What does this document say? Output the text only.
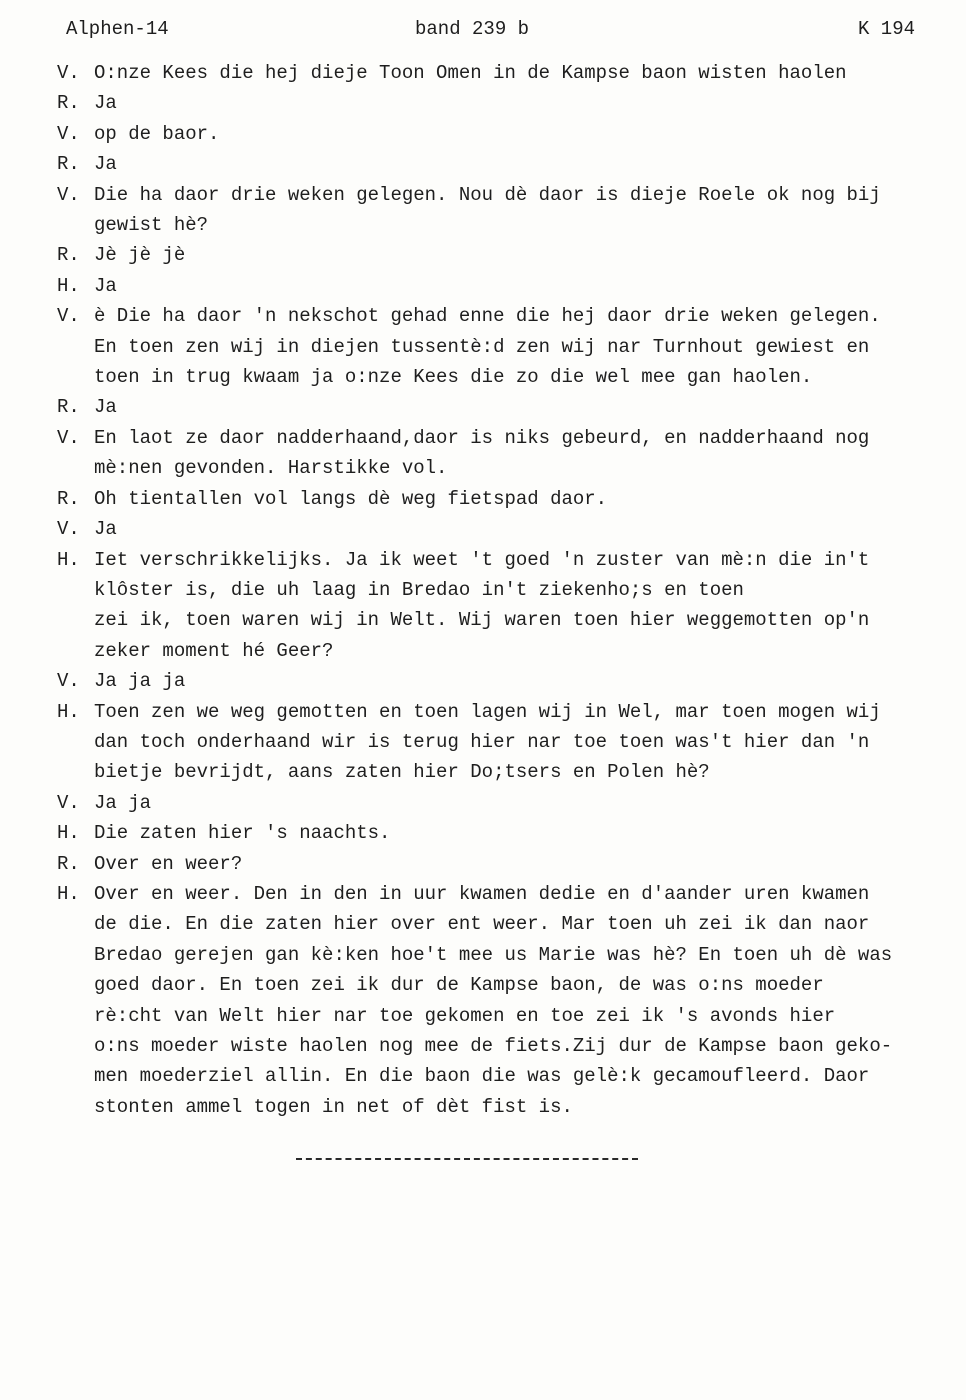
Alphen-14	band 239 b	K 194
V. O:nze Kees die hej dieje Toon Omen in de Kampse baon wisten haolen
R. Ja
V. op de baor.
R. Ja
V. Die ha daor drie weken gelegen. Nou dè daor is dieje Roele ok nog bij
gewist hè?
R. Jè jè jè
H. Ja
V. è Die ha daor 'n nekschot gehad enne die hej daor drie weken gelegen.
En toen zen wij in diejen tussentè:d zen wij nar Turnhout gewiest en
toen in trug kwaam ja o:nze Kees die zo die wel mee gan haolen.
R. Ja
V. En laot ze daor nadderhaand,daor is niks gebeurd, en nadderhaand nog
mè:nen gevonden. Harstikke vol.
R. Oh tientallen vol langs dè weg fietspad daor.
V. Ja
H. Iet verschrikkelijks. Ja ik weet 't goed 'n zuster van mè:n die in't
klôster is, die uh laag in Bredao in't ziekenho;s en toen
zei ik, toen waren wij in Welt. Wij waren toen hier weggemotten op'n
zeker moment hé Geer?
V. Ja ja ja
H. Toen zen we weg gemotten en toen lagen wij in Wel, mar toen mogen wij
dan toch onderhaand wir is terug hier nar toe toen was't hier dan 'n
bietje bevrijdt, aans zaten hier Do;tsers en Polen hè?
V. Ja ja
H. Die zaten hier 's naachts.
R. Over en weer?
H. Over en weer. Den in den in uur kwamen dedie en d'aander uren kwamen
de die. En die zaten hier over ent weer. Mar toen uh zei ik dan naor
Bredao gerejen gan kè:ken hoe't mee us Marie was hè? En toen uh dè was
goed daor. En toen zei ik dur de Kampse baon, de was o:ns moeder
rè:cht van Welt hier nar toe gekomen en toe zei ik 's avonds hier
o:ns moeder wiste haolen nog mee de fiets.Zij dur de Kampse baon geko-
men moederziel allin. En die baon die was gelè:k gecamoufleerd. Daor
stonten ammel togen in net of dèt fist is.
